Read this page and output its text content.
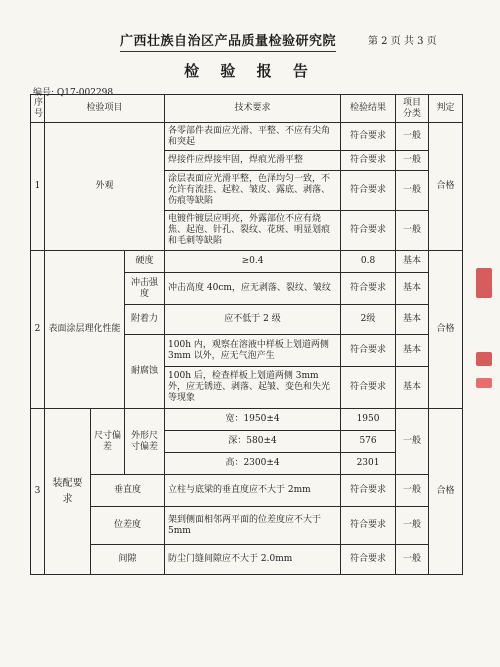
广西壮族自治区产品质量检验研究院	第 2 页 共 3 页
检 验 报 告
编号: Q17-002298
序号	检验项目			技术要求	检验结果	项目分类	判定
1	外观			各零部件表面应光滑、平整、不应有尖角和突起	符合要求	一般	合格
				焊接件应焊接牢固，焊痕光滑平整	符合要求	一般	
				涂层表面应光滑平整，色泽均匀一致，不允许有流挂、起粒、皱皮、露底、剥落、伤痕等缺陷	符合要求	一般	
				电镀件镀层应明亮，外露部位不应有烧焦、起泡、针孔、裂纹、花斑、明显划痕和毛刺等缺陷	符合要求	一般	
2	表面涂层理化性能		硬度	≥0.4	0.8	基本	合格
			冲击强度	冲击高度 40cm，应无剥落、裂纹、皱纹	符合要求	基本	
			附着力	应不低于 2 级	2级	基本	
			耐腐蚀	100h 内，观察在溶液中样板上划道两侧 3mm 以外，应无气泡产生	符合要求	基本	
				100h 后，检查样板上划道两侧 3mm 外，应无锈迹、剥落、起皱、变色和失光等现象	符合要求	基本	
3	装配要求	尺寸偏差	外形尺寸偏差	宽：1950±4	1950	一般	合格
				深：580±4	576		
				高：2300±4	2301		
		垂直度		立柱与底梁的垂直度应不大于 2mm	符合要求	一般	
		位差度		架到侧面相邻两平面的位差度应不大于 5mm	符合要求	一般	
		间隙		防尘门缝间隙应不大于 2.0mm	符合要求	一般	
